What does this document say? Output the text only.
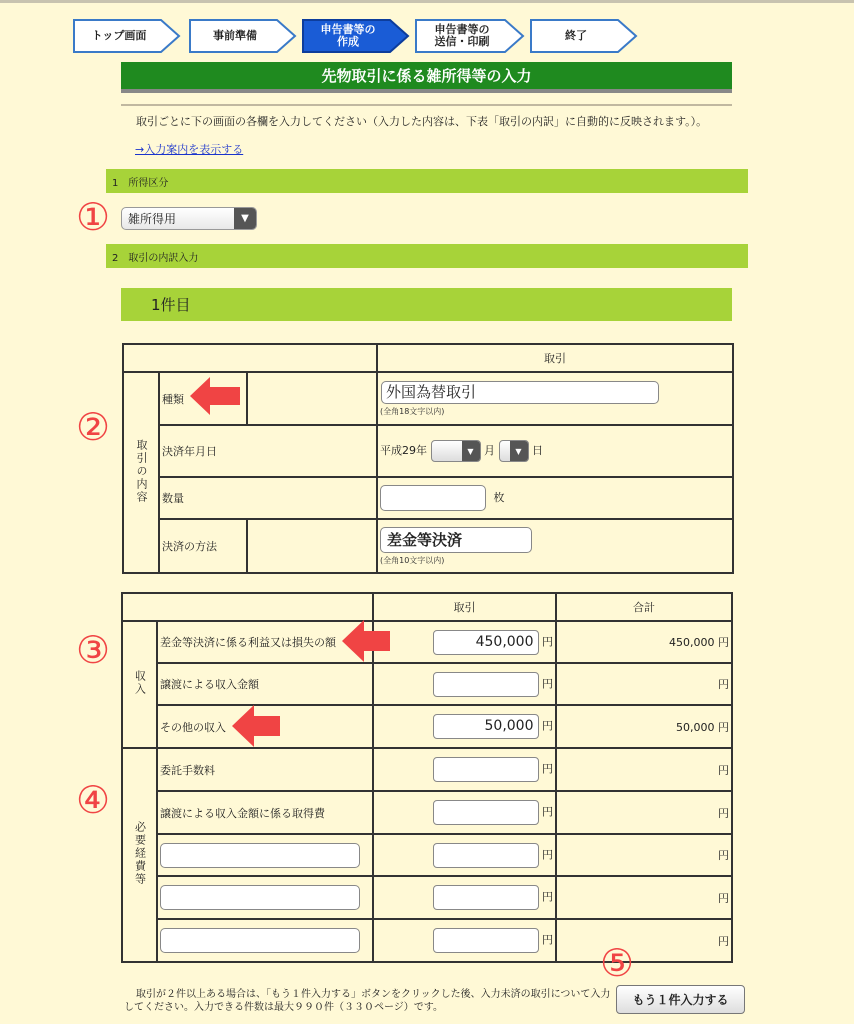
トップ画面	事前準備	申告書等の
作成
申告書等の
送信・印刷	終了
先物取引に係る雑所得等の入力
取引ごとに下の画面の各欄を入力してください（入力した内容は、下表「取引の内訳」に自動的に反映されます。）。
→入力案内を表示する
1　所得区分
① 雑所得用	▼
2　取引の内訳入力
1件目
②
			取引
取引の内容	種類		外国為替取引
(全角18文字以内)

	決済年月日		平成29年 ▼ 月 ▼ 日
	数量		枚
	決済の方法		差金等決済
(全角10文字以内)
③
④
		取引	合計
収入	差金等決済に係る利益又は損失の額	450,000 円	450,000 円
	譲渡による収入金額	円	円
	その他の収入	50,000 円	50,000 円
必要経費等	委託手数料	円	円
	譲渡による収入金額に係る取得費	円	円
		円	円
		円	円
		円	円
取引が２件以上ある場合は、「もう１件入力する」ボタンをクリックした後、入力未済の取引について入力してください。入力できる件数は最大９９０件（３３０ページ）です。
⑤
もう１件入力する
